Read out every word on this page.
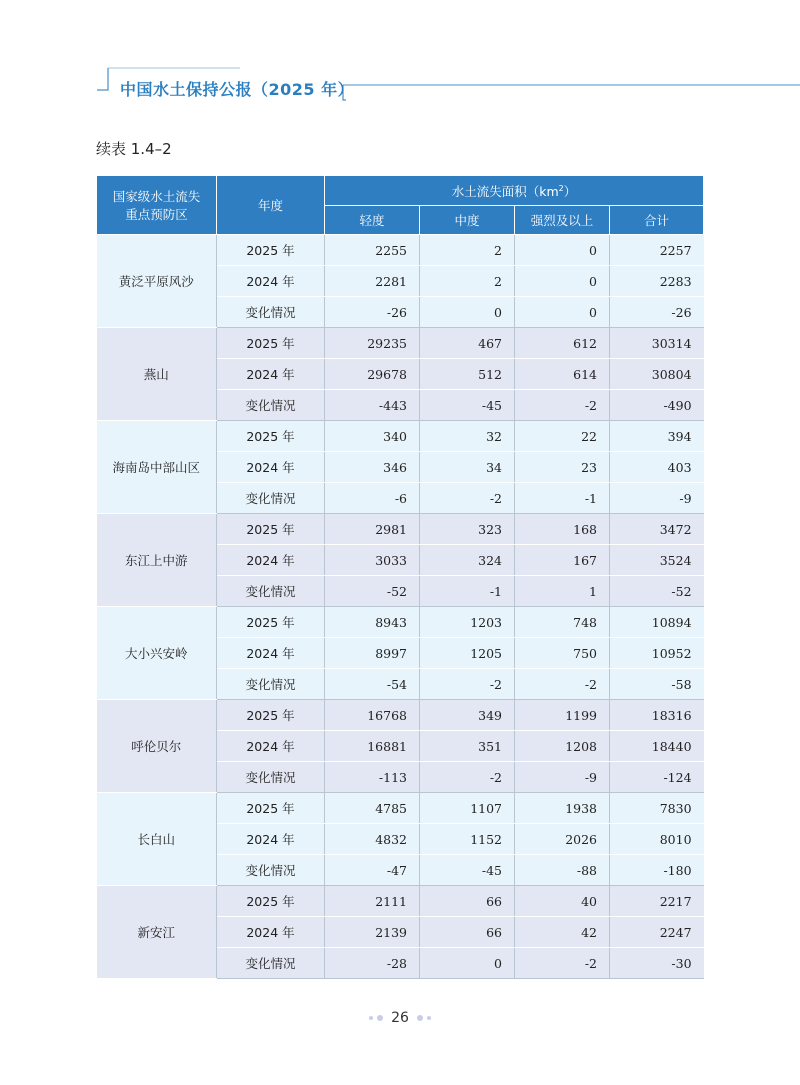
中国水土保持公报（2025 年）
续表 1.4–2
国家级水土流失
重点预防区	年度	水土流失面积$(km^2)$			
		轻度	中度	强烈及以上	合计
黄泛平原风沙	2025 年	2255	2	0	2257
	2024 年	2281	2	0	2283
	变化情况	-26	0	0	-26
燕山	2025 年	29235	467	612	30314
	2024 年	29678	512	614	30804
	变化情况	-443	-45	-2	-490
海南岛中部山区	2025 年	340	32	22	394
	2024 年	346	34	23	403
	变化情况	-6	-2	-1	-9
东江上中游	2025 年	2981	323	168	3472
	2024 年	3033	324	167	3524
	变化情况	-52	-1	1	-52
大小兴安岭	2025 年	8943	1203	748	10894
	2024 年	8997	1205	750	10952
	变化情况	-54	-2	-2	-58
呼伦贝尔	2025 年	16768	349	1199	18316
	2024 年	16881	351	1208	18440
	变化情况	-113	-2	-9	-124
长白山	2025 年	4785	1107	1938	7830
	2024 年	4832	1152	2026	8010
	变化情况	-47	-45	-88	-180
新安江	2025 年	2111	66	40	2217
	2024 年	2139	66	42	2247
	变化情况	-28	0	-2	-30
26
